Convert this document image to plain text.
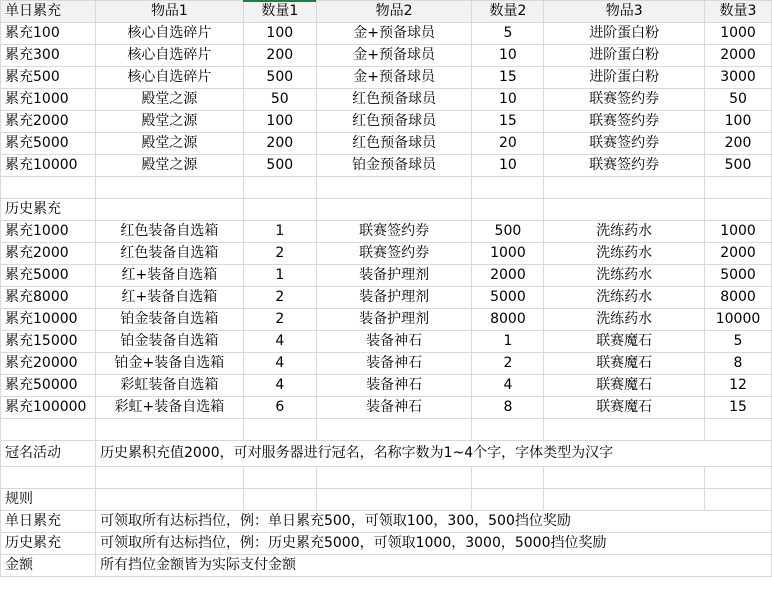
单日累充	物品1	数量1	物品2	数量2	物品3	数量3
累充100	核心自选碎片	100	金+预备球员	5	进阶蛋白粉	1000
累充300	核心自选碎片	200	金+预备球员	10	进阶蛋白粉	2000
累充500	核心自选碎片	500	金+预备球员	15	进阶蛋白粉	3000
累充1000	殿堂之源	50	红色预备球员	10	联赛签约券	50
累充2000	殿堂之源	100	红色预备球员	15	联赛签约券	100
累充5000	殿堂之源	200	红色预备球员	20	联赛签约券	200
累充10000	殿堂之源	500	铂金预备球员	10	联赛签约券	500

历史累充						
累充1000	红色装备自选箱	1	联赛签约券	500	洗练药水	1000
累充2000	红色装备自选箱	2	联赛签约券	1000	洗练药水	2000
累充5000	红+装备自选箱	1	装备护理剂	2000	洗练药水	5000
累充8000	红+装备自选箱	2	装备护理剂	5000	洗练药水	8000
累充10000	铂金装备自选箱	2	装备护理剂	8000	洗练药水	10000
累充15000	铂金装备自选箱	4	装备神石	1	联赛魔石	5
累充20000	铂金+装备自选箱	4	装备神石	2	联赛魔石	8
累充50000	彩虹装备自选箱	4	装备神石	4	联赛魔石	12
累充100000	彩虹+装备自选箱	6	装备神石	8	联赛魔石	15

冠名活动	历史累积充值2000，可对服务器进行冠名，名称字数为1~4个字，字体类型为汉字					

规则						
单日累充	可领取所有达标挡位，例：单日累充500，可领取100，300，500挡位奖励					
历史累充	可领取所有达标挡位，例：历史累充5000，可领取1000，3000，5000挡位奖励					
金额	所有挡位金额皆为实际支付金额					
